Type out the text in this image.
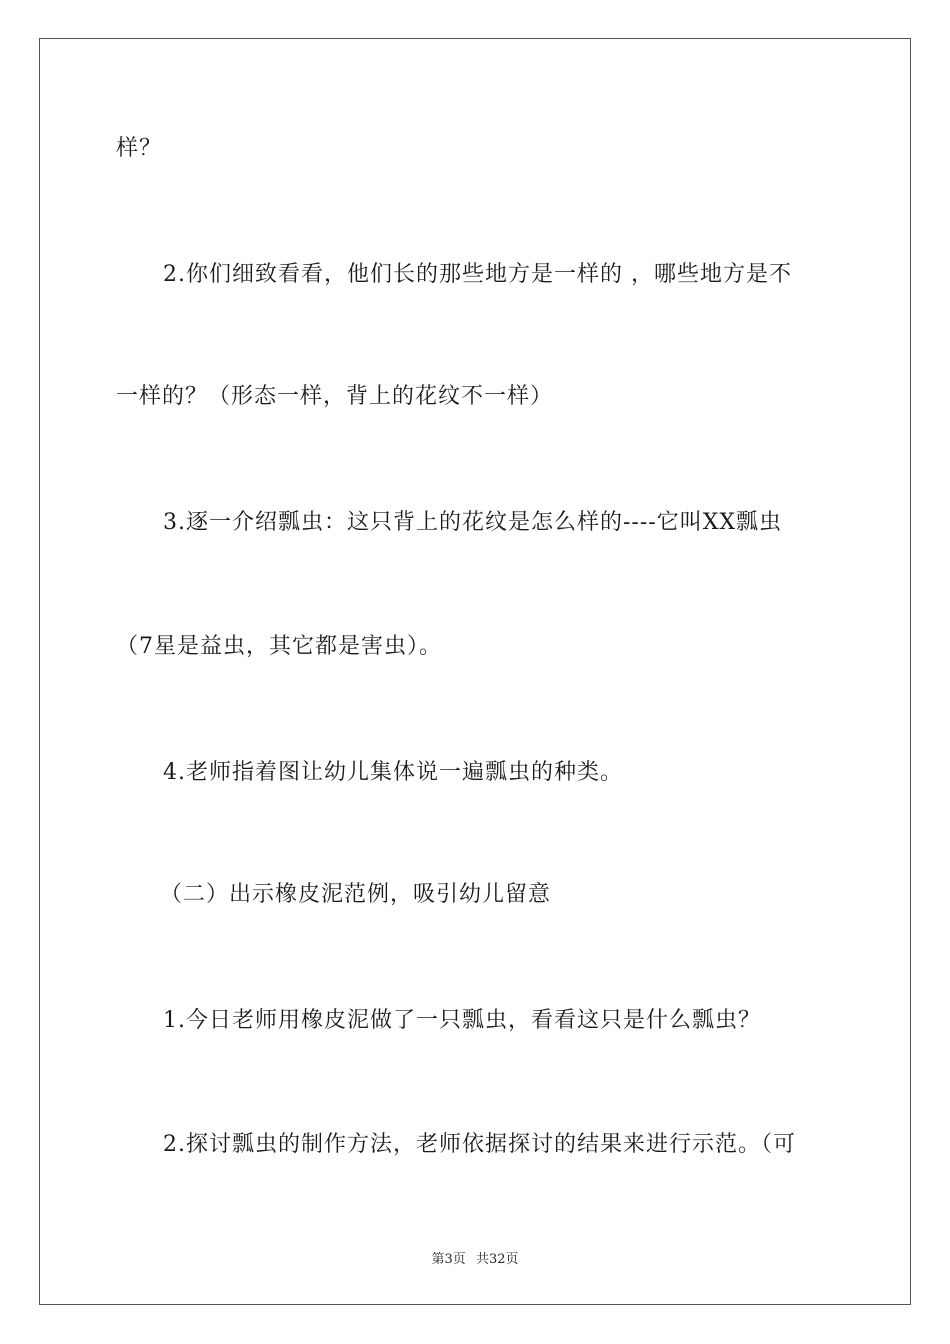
样？
2.你们细致看看，他们长的那些地方是一样的 ，哪些地方是不
一样的？（形态一样，背上的花纹不一样）
3.逐一介绍瓢虫：这只背上的花纹是怎么样的----它叫XX瓢虫
（7星是益虫，其它都是害虫）。
4.老师指着图让幼儿集体说一遍瓢虫的种类。
（二）出示橡皮泥范例，吸引幼儿留意
1.今日老师用橡皮泥做了一只瓢虫，看看这只是什么瓢虫？
2.探讨瓢虫的制作方法，老师依据探讨的结果来进行示范。（可
第3页 共32页
